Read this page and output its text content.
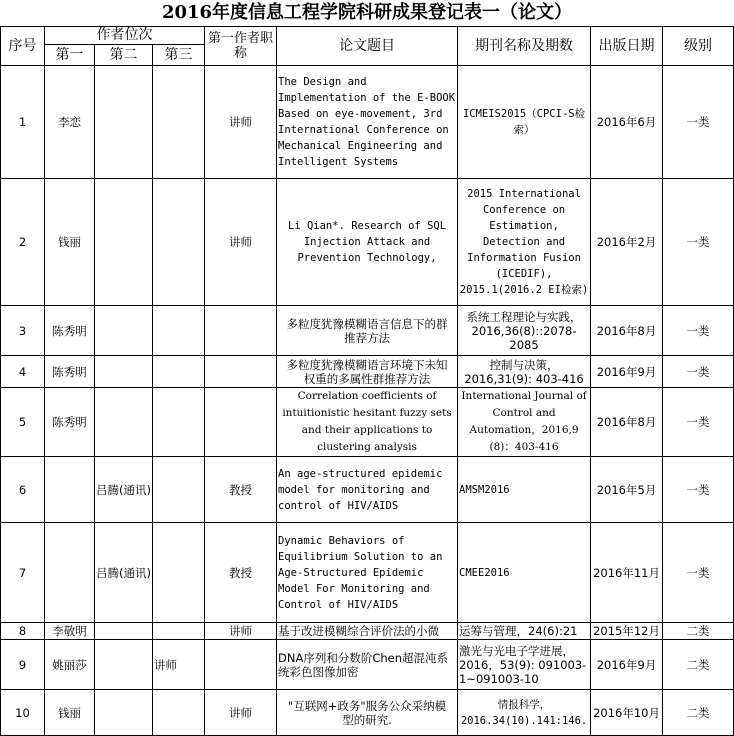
2016年度信息工程学院科研成果登记表一（论文）
序号	作者位次			第一作者职称	论文题目	期刊名称及期数	出版日期	级别
	第一	第二	第三					
1	李恋			讲师	The Design and Implementation of the E-BOOK Based on eye-movement, 3rd International Conference on Mechanical Engineering and Intelligent Systems	ICMEIS2015（CPCI-S检索）	2016年6月	一类
2	钱丽			讲师	Li Qian*. Research of SQL Injection Attack and Prevention Technology,	2015 International Conference on Estimation, Detection and Information Fusion (ICEDIF), 2015.1(2016.2 EI检索)	2016年2月	一类
3	陈秀明				多粒度犹豫模糊语言信息下的群推荐方法	系统工程理论与实践，2016,36(8)::2078-2085	2016年8月	一类
4	陈秀明				多粒度犹豫模糊语言环境下未知权重的多属性群推荐方法	控制与决策，2016,31(9): 403-416	2016年9月	一类
5	陈秀明				Correlation coefficients of intuitionistic hesitant fuzzy sets and their applications to clustering analysis	International Journal of Control and Automation，2016,9 (8)：403-416	2016年8月	一类
6		吕腾(通讯)		教授	An age-structured epidemic model for monitoring and control of HIV/AIDS	AMSM2016	2016年5月	一类
7		吕腾(通讯)		教授	Dynamic Behaviors of Equilibrium Solution to an Age-Structured Epidemic Model For Monitoring and Control of HIV/AIDS	CMEE2016	2016年11月	一类
8	李敬明			讲师	基于改进模糊综合评价法的小微	运筹与管理，24(6):21	2015年12月	二类
9	姚丽莎		讲师		DNA序列和分数阶Chen超混沌系统彩色图像加密	激光与光电子学进展，2016，53(9): 091003-1~091003-10	2016年9月	二类
10	钱丽			讲师	"互联网+政务"服务公众采纳模型的研究.	情报科学，2016.34(10).141:146.	2016年10月	二类
